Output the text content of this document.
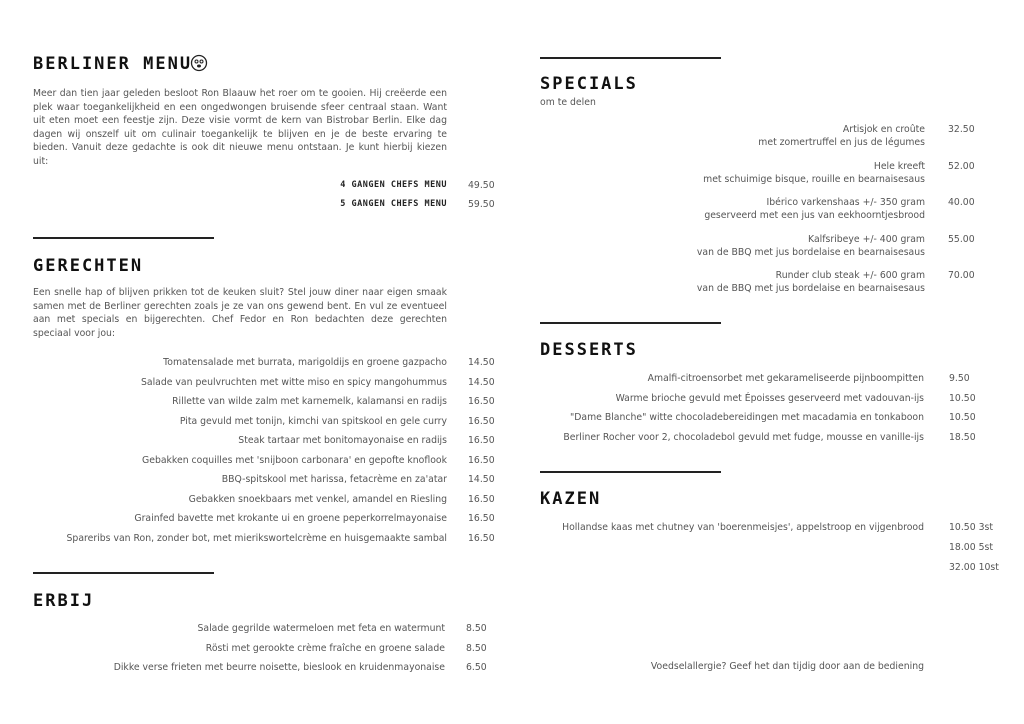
BERLINER MENU
Meer dan tien jaar geleden besloot Ron Blaauw het roer om te gooien. Hij creëerde een plek waar toegankelijkheid en een ongedwongen bruisende sfeer centraal staan. Want uit eten moet een feestje zijn. Deze visie vormt de kern van Bistrobar Berlin. Elke dag dagen wij onszelf uit om culinair toegankelijk te blijven en je de beste ervaring te bieden. Vanuit deze gedachte is ook dit nieuwe menu ontstaan. Je kunt hierbij kiezen uit:
4 GANGEN CHEFS MENU 49.50
5 GANGEN CHEFS MENU 59.50
GERECHTEN
Een snelle hap of blijven prikken tot de keuken sluit? Stel jouw diner naar eigen smaak samen met de Berliner gerechten zoals je ze van ons gewend bent. En vul ze eventueel aan met specials en bijgerechten. Chef Fedor en Ron bedachten deze gerechten speciaal voor jou:
Tomatensalade met burrata, marigoldijs en groene gazpacho 14.50
Salade van peulvruchten met witte miso en spicy mangohummus 14.50
Rillette van wilde zalm met karnemelk, kalamansi en radijs 16.50
Pita gevuld met tonijn, kimchi van spitskool en gele curry 16.50
Steak tartaar met bonitomayonaise en radijs 16.50
Gebakken coquilles met 'snijboon carbonara' en gepofte knoflook 16.50
BBQ-spitskool met harissa, fetacrème en za'atar 14.50
Gebakken snoekbaars met venkel, amandel en Riesling 16.50
Grainfed bavette met krokante ui en groene peperkorrelmayonaise 16.50
Spareribs van Ron, zonder bot, met mierikswortelcrème en huisgemaakte sambal 16.50
ERBIJ
Salade gegrilde watermeloen met feta en watermunt 8.50
Rösti met gerookte crème fraîche en groene salade 8.50
Dikke verse frieten met beurre noisette, bieslook en kruidenmayonaise 6.50
SPECIALS
om te delen
Artisjok en croûte 32.50
met zomertruffel en jus de légumes
Hele kreeft 52.00
met schuimige bisque, rouille en bearnaisesaus
Ibérico varkenshaas +/- 350 gram 40.00
geserveerd met een jus van eekhoorntjesbrood
Kalfsribeye +/- 400 gram 55.00
van de BBQ met jus bordelaise en bearnaisesaus
Runder club steak +/- 600 gram 70.00
van de BBQ met jus bordelaise en bearnaisesaus
DESSERTS
Amalfi-citroensorbet met gekarameliseerde pijnboompitten	9.50
Warme brioche gevuld met Époisses geserveerd met vadouvan-ijs	10.50
"Dame Blanche" witte chocoladebereidingen met macadamia en tonkaboon	10.50
Berliner Rocher voor 2, chocoladebol gevuld met fudge, mousse en vanille-ijs	18.50
KAZEN
Hollandse kaas met chutney van 'boerenmeisjes', appelstroop en vijgenbrood	10.50 3st
18.00 5st
32.00 10st
Voedselallergie? Geef het dan tijdig door aan de bediening
